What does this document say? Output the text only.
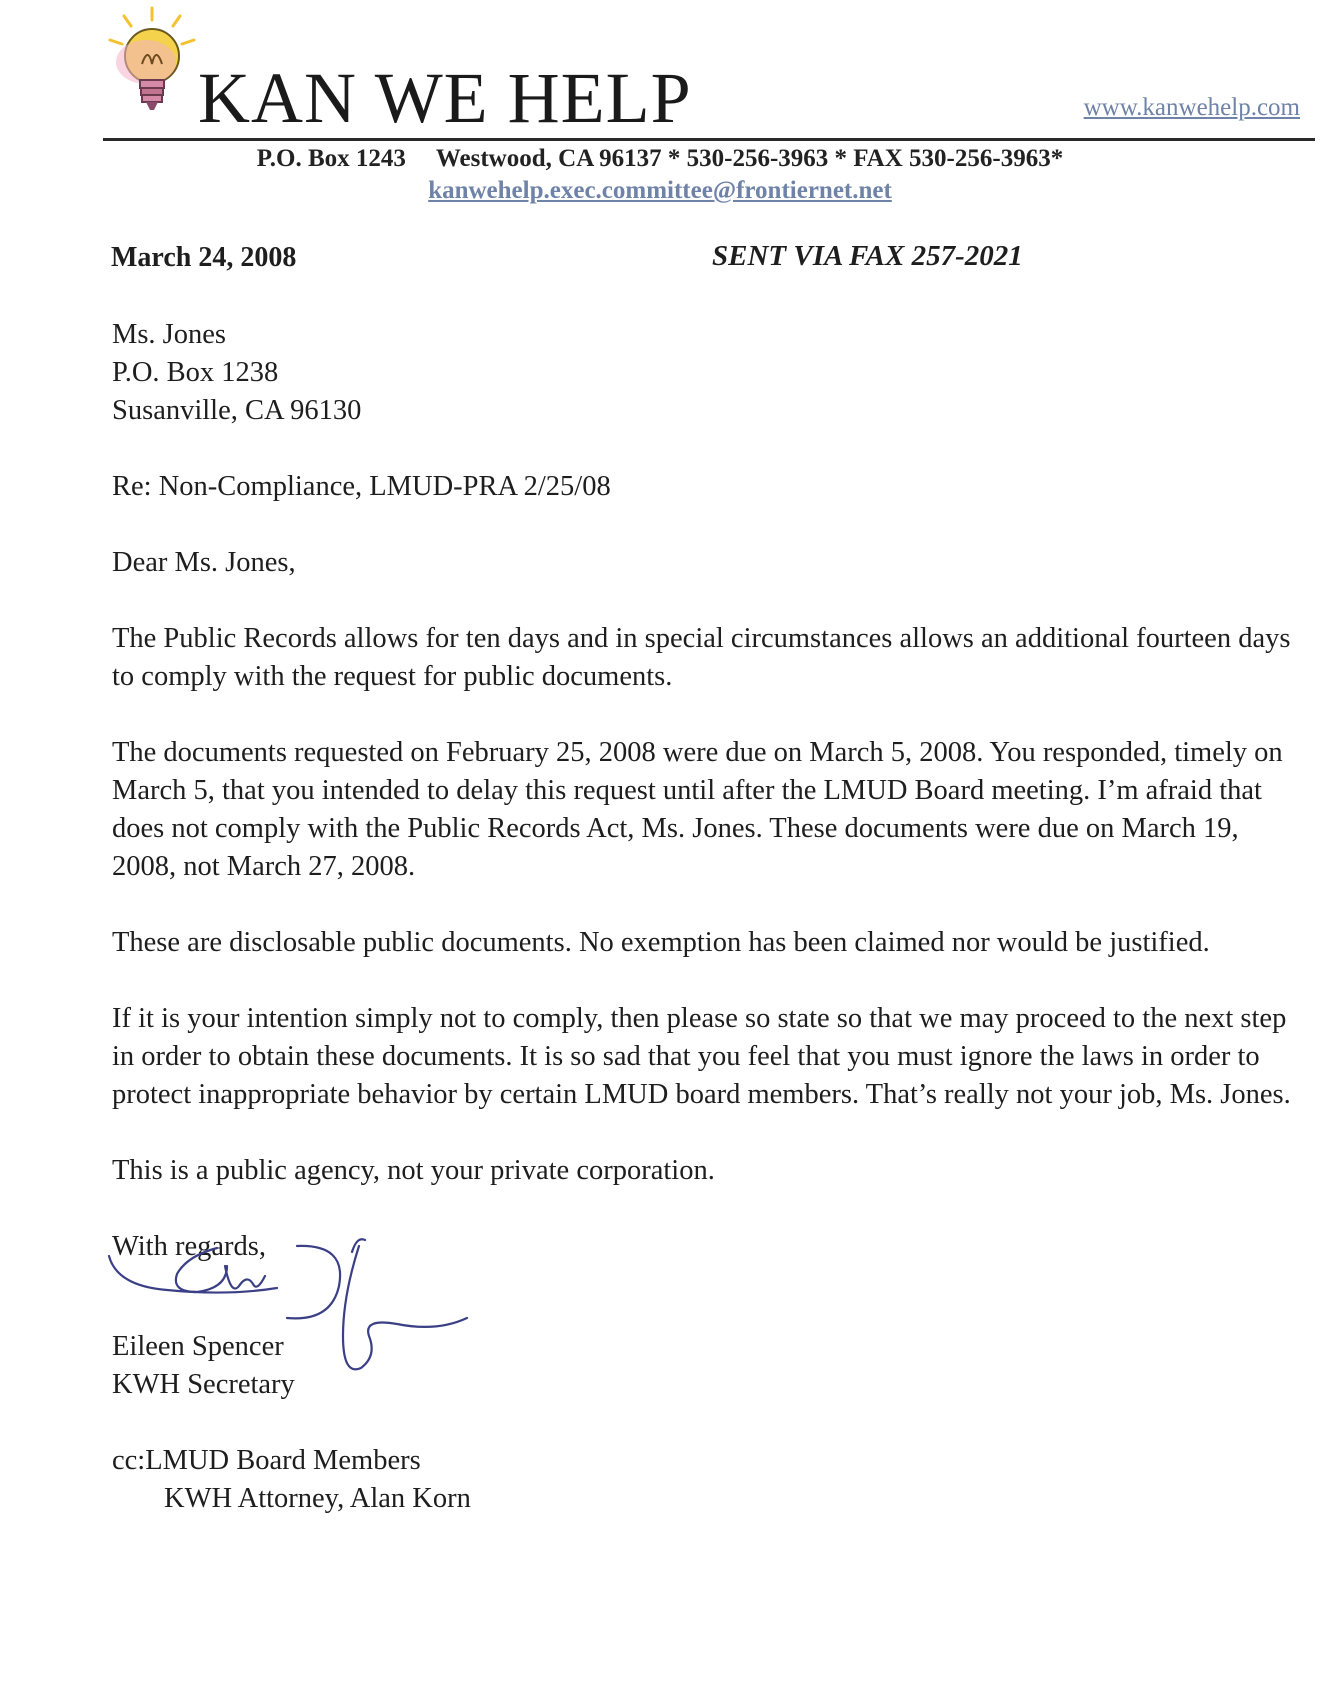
KAN WE HELP	www.kanwehelp.com
P.O. Box 1243 Westwood, CA 96137 * 530-256-3963 * FAX 530-256-3963*
kanwehelp.exec.committee@frontiernet.net
March 24, 2008	SENT VIA FAX 257-2021
Ms. Jones
P.O. Box 1238
Susanville, CA 96130

Re: Non-Compliance, LMUD-PRA 2/25/08

Dear Ms. Jones,

The Public Records allows for ten days and in special circumstances allows an additional fourteen days to comply with the request for public documents.

The documents requested on February 25, 2008 were due on March 5, 2008. You responded, timely on March 5, that you intended to delay this request until after the LMUD Board meeting. I’m afraid that does not comply with the Public Records Act, Ms. Jones. These documents were due on March 19, 2008, not March 27, 2008.

These are disclosable public documents. No exemption has been claimed nor would be justified.

If it is your intention simply not to comply, then please so state so that we may proceed to the next step in order to obtain these documents. It is so sad that you feel that you must ignore the laws in order to protect inappropriate behavior by certain LMUD board members. That’s really not your job, Ms. Jones.

This is a public agency, not your private corporation.

With regards,
Eileen Spencer
KWH Secretary
cc:LMUD Board Members
KWH Attorney, Alan Korn
